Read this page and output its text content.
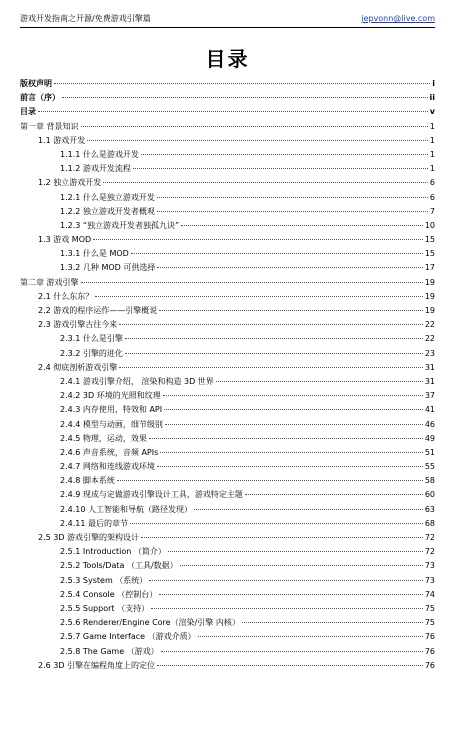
游戏开发指南之开源/免费游戏引擎篇	jepvonn@live.com
目录
版权声明	i
前言（序）	ii
目录	v
第一章 背景知识	1
1.1 游戏开发	1
1.1.1 什么是游戏开发	1
1.1.2 游戏开发流程	1
1.2 独立游戏开发	6
1.2.1 什么是独立游戏开发	6
1.2.2 独立游戏开发者概观	7
1.2.3 “独立游戏开发者独孤九诀”	10
1.3 游戏 MOD	15
1.3.1 什么是 MOD	15
1.3.2 几种 MOD 可供选择	17
第二章 游戏引擎	19
2.1 什么东东？	19
2.2 游戏的程序运作——引擎概说	19
2.3 游戏引擎古往今来	22
2.3.1 什么是引擎	22
2.3.2 引擎的进化	23
2.4 彻底剖析游戏引擎	31
2.4.1 游戏引擎介绍， 渲染和构造 3D 世界	31
2.4.2 3D 环境的光照和纹理	37
2.4.3 内存使用，特效和 API	41
2.4.4 模型与动画，细节级别	46
2.4.5 物理，运动，效果	49
2.4.6 声音系统，音频 APIs	51
2.4.7 网络和连线游戏环境	55
2.4.8 脚本系统	58
2.4.9 现成与定做游戏引擎设计工具，游戏特定主题	60
2.4.10 人工智能和导航（路径发现）	63
2.4.11 最后的章节	68
2.5 3D 游戏引擎的架构设计	72
2.5.1 Introduction （简介）	72
2.5.2 Tools/Data （工具/数据）	73
2.5.3 System （系统）	73
2.5.4 Console （控制台）	74
2.5.5 Support （支持）	75
2.5.6 Renderer/Engine Core（渲染/引擎 内核）	75
2.5.7 Game Interface （游戏介质）	76
2.5.8 The Game （游戏）	76
2.6 3D 引擎在编程角度上的定位	76
